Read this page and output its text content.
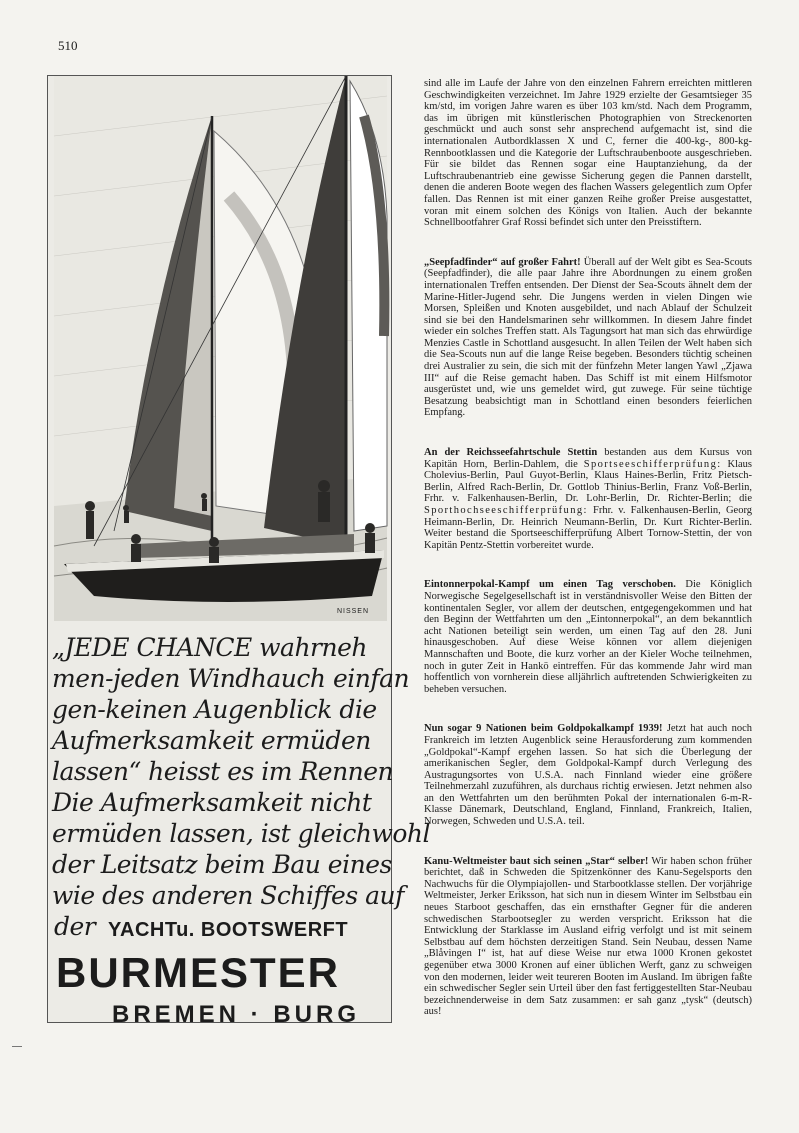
510
NISSEN

„JEDE CHANCE wahrneh

men-jeden Windhauch einfan

gen-keinen Augenblick die

Aufmerksamkeit ermüden

lassen“ heisst es im Rennen

Die Aufmerksamkeit nicht

ermüden lassen, ist gleichwohl

der Leitsatz beim Bau eines

wie des anderen Schiffes auf

der YACHTu. BOOTSWERFT
BURMESTER
BREMEN · BURG

sind alle im Laufe der Jahre von den einzelnen Fahrern erreichten mittleren Geschwindigkeiten verzeichnet. Im Jahre 1929 erzielte der Gesamtsieger 35 km/std, im vorigen Jahre waren es über 103 km/std. Nach dem Programm, das im übrigen mit künstlerischen Photographien von Streckenorten geschmückt und auch sonst sehr ansprechend aufgemacht ist, sind die internationalen Autbordklassen X und C, ferner die 400-kg-, 800-kg-Rennbootklassen und die Kategorie der Luftschraubenboote ausgeschrieben. Für sie bildet das Rennen sogar eine Hauptanziehung, da der Luftschraubenantrieb eine gewisse Sicherung gegen die Pannen darstellt, denen die anderen Boote wegen des flachen Wassers gelegentlich zum Opfer fallen. Das Rennen ist mit einer ganzen Reihe großer Preise ausgestattet, voran mit einem solchen des Königs von Italien. Auch der bekannte Schnellbootfahrer Graf Rossi befindet sich unter den Preisstiftern.

„Seepfadfinder“ auf großer Fahrt! Überall auf der Welt gibt es Sea-Scouts (Seepfadfinder), die alle paar Jahre ihre Abordnungen zu einem großen internationalen Treffen entsenden. Der Dienst der Sea-Scouts ähnelt dem der Marine-Hitler-Jugend sehr. Die Jungens werden in vielen Dingen wie Morsen, Spleißen und Knoten ausgebildet, und nach Ablauf der Schulzeit sind sie bei den Handelsmarinen sehr willkommen. In diesem Jahre findet wieder ein solches Treffen statt. Als Tagungsort hat man sich das ehrwürdige Menzies Castle in Schottland ausgesucht. In allen Teilen der Welt haben sich die Sea-Scouts nun auf die lange Reise begeben. Besonders tüchtig scheinen drei Australier zu sein, die sich mit der fünfzehn Meter langen Yawl „Zjawa III“ auf die Reise gemacht haben. Das Schiff ist mit einem Hilfsmotor ausgerüstet und, wie uns gemeldet wird, gut zuwege. Für seine tüchtige Besatzung beabsichtigt man in Schottland einen besonders feierlichen Empfang.

An der Reichsseefahrtschule Stettin bestanden aus dem Kursus von Kapitän Horn, Berlin-Dahlem, die Sportseeschifferprüfung: Klaus Cholevius-Berlin, Paul Guyot-Berlin, Klaus Haines-Berlin, Fritz Pietsch-Berlin, Alfred Rach-Berlin, Dr. Gottlob Thinius-Berlin, Franz Voß-Berlin, Frhr. v. Falkenhausen-Berlin, Dr. Lohr-Berlin, Dr. Richter-Berlin; die Sporthochseeschifferprüfung: Frhr. v. Falkenhausen-Berlin, Georg Heimann-Berlin, Dr. Heinrich Neumann-Berlin, Dr. Kurt Richter-Berlin. Weiter bestand die Sportseeschifferprüfung Albert Tornow-Stettin, der von Kapitän Pentz-Stettin vorbereitet wurde.

Eintonnerpokal-Kampf um einen Tag verschoben. Die Königlich Norwegische Segelgesellschaft ist in verständnisvoller Weise den Bitten der kontinentalen Segler, vor allem der deutschen, entgegengekommen und hat den Beginn der Wettfahrten um den „Eintonnerpokal“, an dem bekanntlich acht Nationen beteiligt sein werden, um einen Tag auf den 28. Juni hinausgeschoben. Auf diese Weise können vor allem diejenigen Mannschaften und Boote, die kurz vorher an der Kieler Woche teilnehmen, noch in guter Zeit in Hankö eintreffen. Für das kommende Jahr wird man hoffentlich von vornherein diese alljährlich auftretenden Schwierigkeiten zu beheben versuchen.

Nun sogar 9 Nationen beim Goldpokalkampf 1939! Jetzt hat auch noch Frankreich im letzten Augenblick seine Herausforderung zum kommenden „Goldpokal“-Kampf ergehen lassen. So hat sich die Überlegung der amerikanischen Segler, dem Goldpokal-Kampf durch Verlegung des Austragungsortes von U.S.A. nach Finnland wieder eine größere Teilnehmerzahl zuzuführen, als durchaus richtig erwiesen. Jetzt nehmen also an den Wettfahrten um den berühmten Pokal der internationalen 6-m-R-Klasse Dänemark, Deutschland, England, Finnland, Frankreich, Italien, Norwegen, Schweden und U.S.A. teil.

Kanu-Weltmeister baut sich seinen „Star“ selber! Wir haben schon früher berichtet, daß in Schweden die Spitzenkönner des Kanu-Segelsports den Nachwuchs für die Olympiajollen- und Starbootklasse stellen. Der vorjährige Weltmeister, Jerker Eriksson, hat sich nun in diesem Winter im Selbstbau ein neues Starboot geschaffen, das ein ernsthafter Gegner für die anderen schwedischen Starbootsegler zu werden verspricht. Eriksson hat die Entwicklung der Starklasse im Ausland eifrig verfolgt und ist mit seinem Selbstbau auf dem höchsten derzeitigen Stand. Sein Neubau, dessen Name „Blåvingen I“ ist, hat auf diese Weise nur etwa 1000 Kronen gekostet gegenüber etwa 3000 Kronen auf einer üblichen Werft, ganz zu schweigen von den modernen, leider weit teureren Booten im Ausland. Im übrigen faßte ein schwedischer Segler sein Urteil über den fast fertiggestellten Star-Neubau bezeichnenderweise in dem Satz zusammen: er sah ganz „tysk“ (deutsch) aus!
